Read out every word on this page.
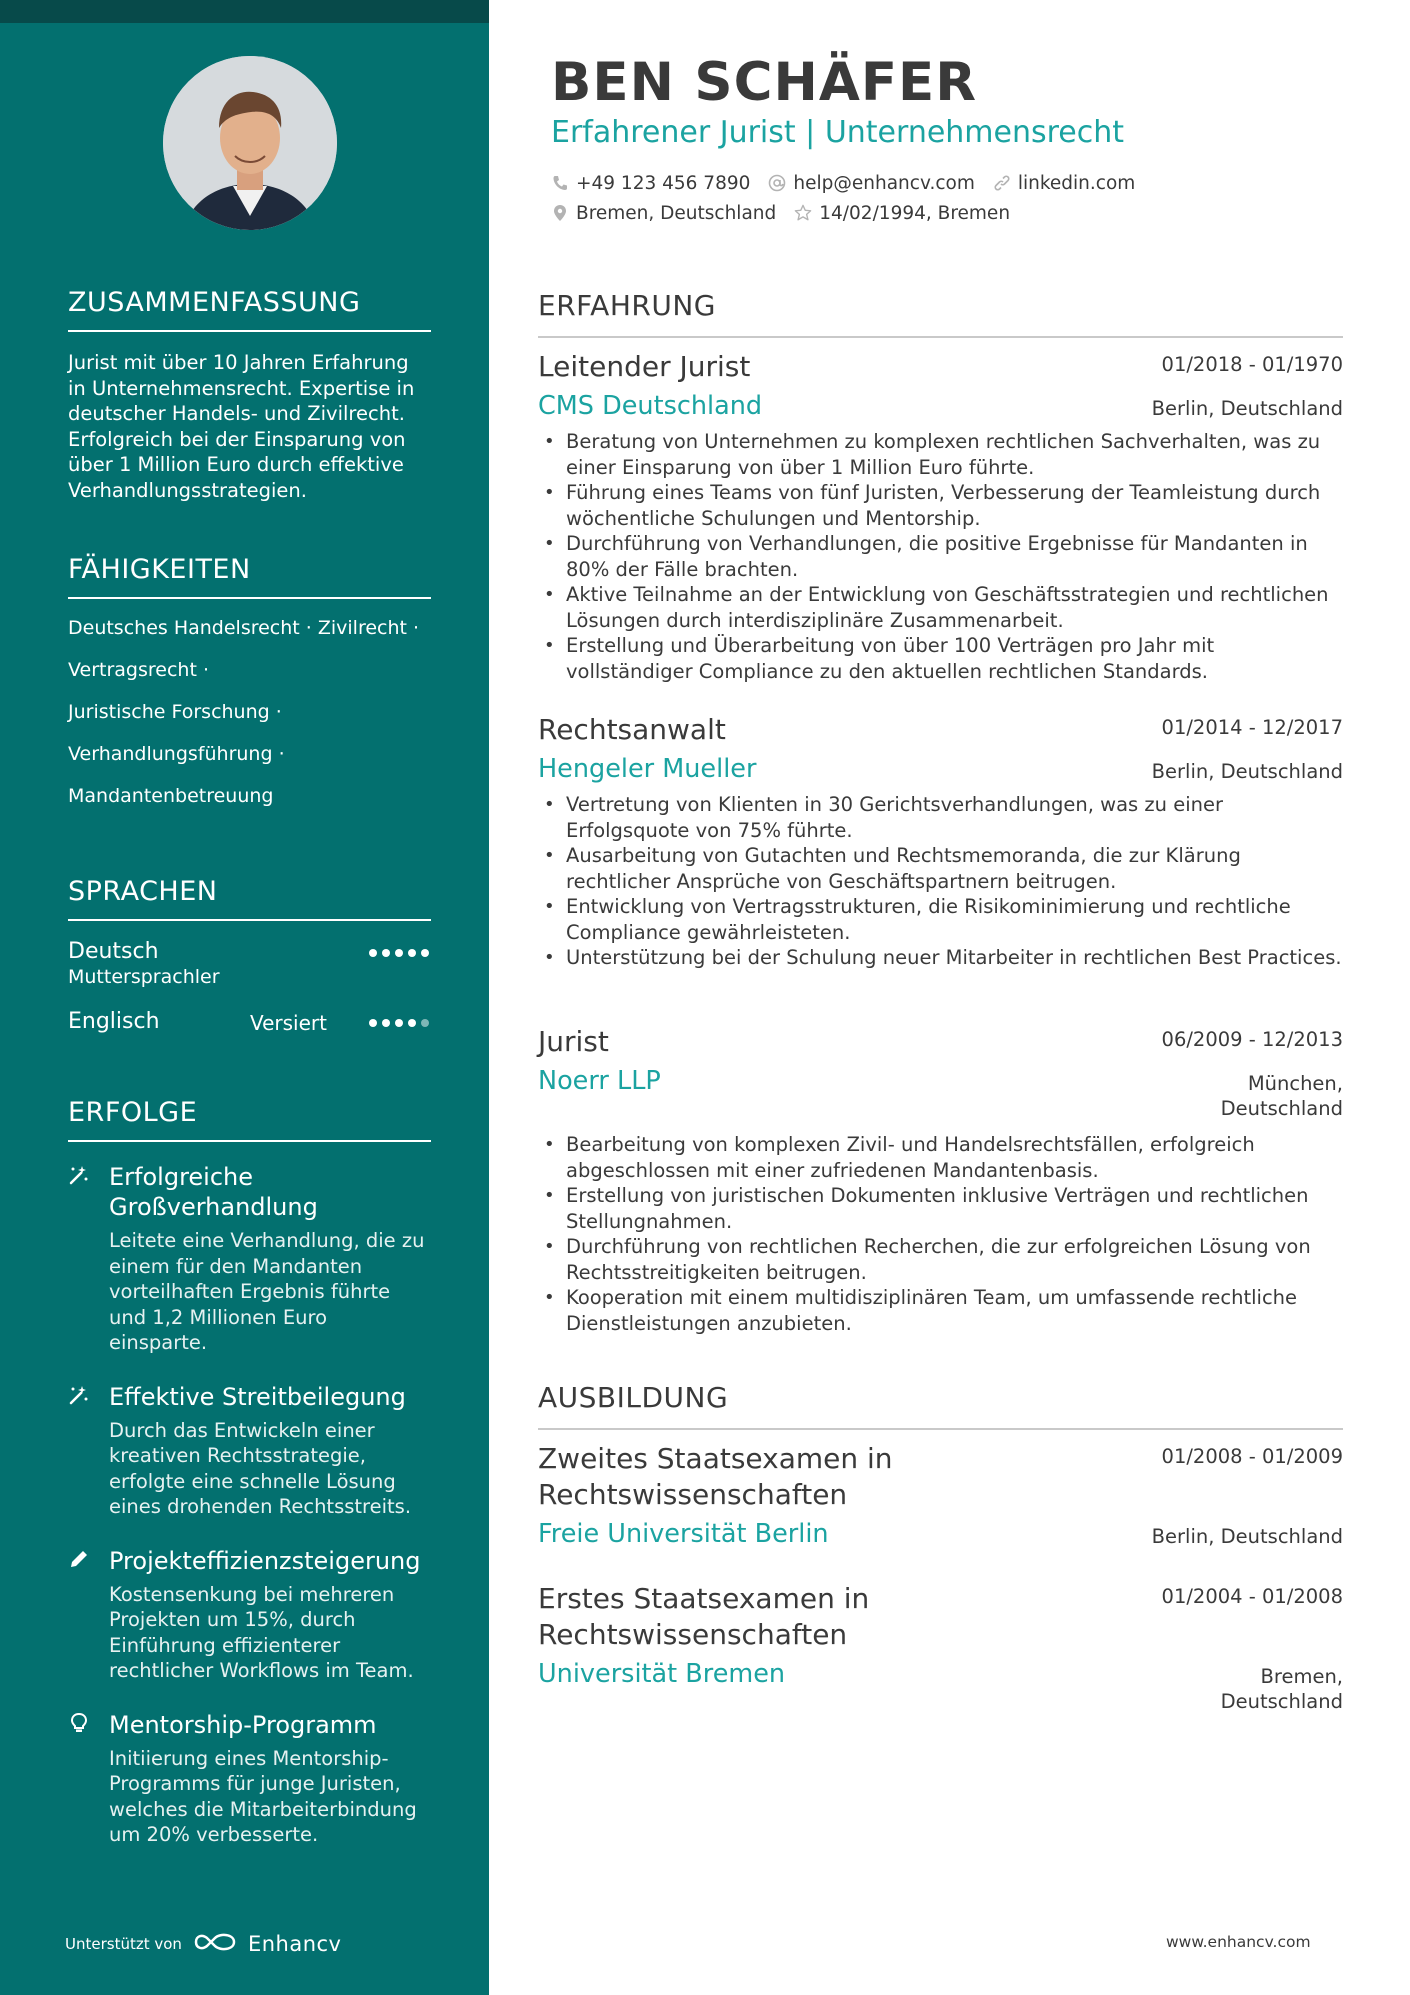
ZUSAMMENFASSUNG
Jurist mit über 10 Jahren Erfahrung in Unternehmensrecht. Expertise in deutscher Handels- und Zivilrecht. Erfolgreich bei der Einsparung von über 1 Million Euro durch effektive Verhandlungsstrategien.
FÄHIGKEITEN
Deutsches Handelsrecht · Zivilrecht ·
Vertragsrecht ·
Juristische Forschung ·
Verhandlungsführung ·
Mandantenbetreuung
SPRACHEN
Deutsch
Muttersprachler
Englisch	Versiert
ERFOLGE
Erfolgreiche Großverhandlung
Leitete eine Verhandlung, die zu einem für den Mandanten vorteilhaften Ergebnis führte und 1,2 Millionen Euro einsparte.
Effektive Streitbeilegung
Durch das Entwickeln einer kreativen Rechtsstrategie, erfolgte eine schnelle Lösung eines drohenden Rechtsstreits.
Projekteffizienzsteigerung
Kostensenkung bei mehreren Projekten um 15%, durch Einführung effizienterer rechtlicher Workflows im Team.
Mentorship-Programm
Initiierung eines Mentorship-Programms für junge Juristen, welches die Mitarbeiterbindung um 20% verbesserte.
Unterstützt von	Enhancv
BEN SCHÄFER
Erfahrener Jurist | Unternehmensrecht
+49 123 456 7890 help@enhancv.com linkedin.com
Bremen, Deutschland 14/02/1994, Bremen
ERFAHRUNG
Leitender Jurist	01/2018 - 01/1970
CMS Deutschland	Berlin, Deutschland
• Beratung von Unternehmen zu komplexen rechtlichen Sachverhalten, was zu einer Einsparung von über 1 Million Euro führte.
• Führung eines Teams von fünf Juristen, Verbesserung der Teamleistung durch wöchentliche Schulungen und Mentorship.
• Durchführung von Verhandlungen, die positive Ergebnisse für Mandanten in 80% der Fälle brachten.
• Aktive Teilnahme an der Entwicklung von Geschäftsstrategien und rechtlichen Lösungen durch interdisziplinäre Zusammenarbeit.
• Erstellung und Überarbeitung von über 100 Verträgen pro Jahr mit vollständiger Compliance zu den aktuellen rechtlichen Standards.
Rechtsanwalt	01/2014 - 12/2017
Hengeler Mueller	Berlin, Deutschland
• Vertretung von Klienten in 30 Gerichtsverhandlungen, was zu einer Erfolgsquote von 75% führte.
• Ausarbeitung von Gutachten und Rechtsmemoranda, die zur Klärung rechtlicher Ansprüche von Geschäftspartnern beitrugen.
• Entwicklung von Vertragsstrukturen, die Risikominimierung und rechtliche Compliance gewährleisteten.
• Unterstützung bei der Schulung neuer Mitarbeiter in rechtlichen Best Practices.
Jurist	06/2009 - 12/2013
Noerr LLP	München,
Deutschland
• Bearbeitung von komplexen Zivil- und Handelsrechtsfällen, erfolgreich abgeschlossen mit einer zufriedenen Mandantenbasis.
• Erstellung von juristischen Dokumenten inklusive Verträgen und rechtlichen Stellungnahmen.
• Durchführung von rechtlichen Recherchen, die zur erfolgreichen Lösung von Rechtsstreitigkeiten beitrugen.
• Kooperation mit einem multidisziplinären Team, um umfassende rechtliche Dienstleistungen anzubieten.
AUSBILDUNG
Zweites Staatsexamen in
Rechtswissenschaften
01/2008 - 01/2009
Freie Universität Berlin	Berlin, Deutschland
Erstes Staatsexamen in
Rechtswissenschaften
01/2004 - 01/2008
Universität Bremen	Bremen,
Deutschland
www.enhancv.com
